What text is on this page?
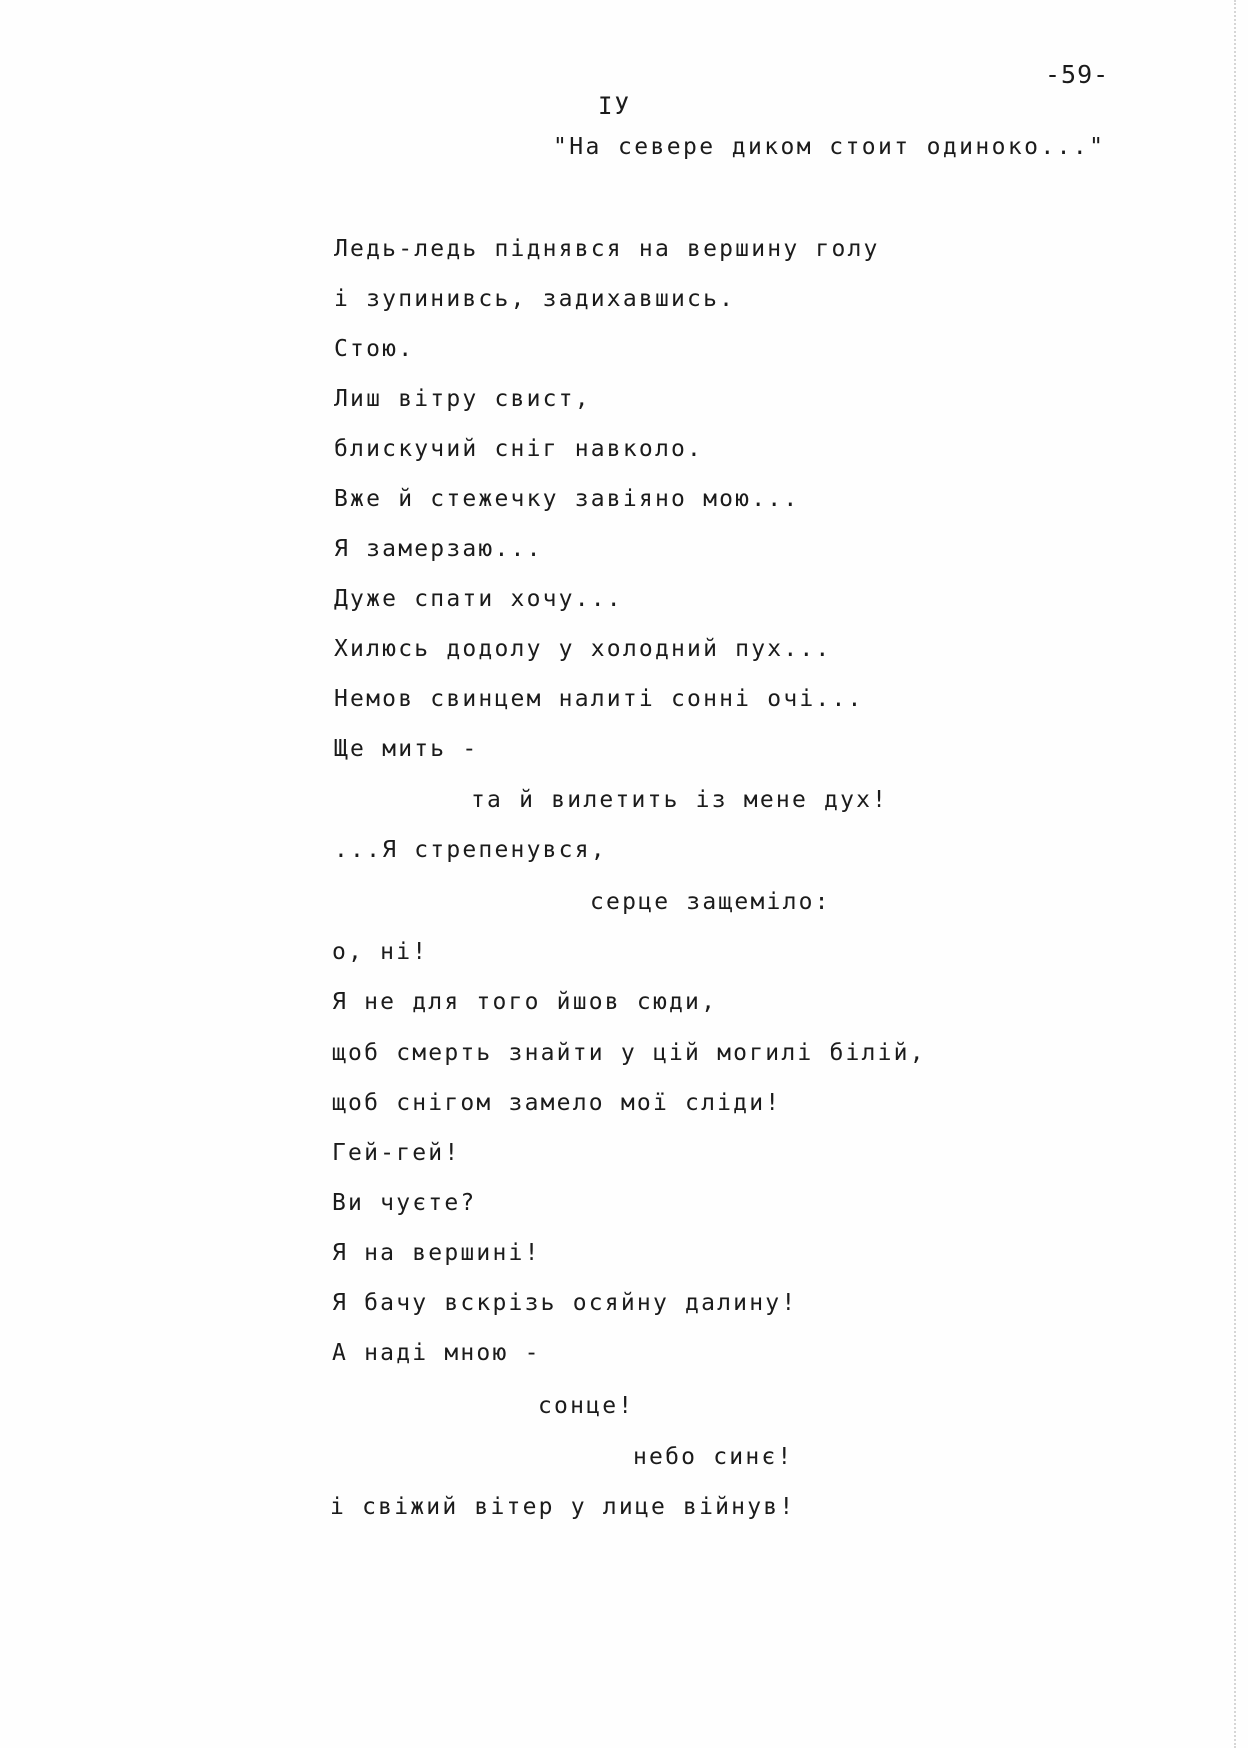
-59-
IУ
"На севере диком стоит одиноко..."
Ледь-ледь піднявся на вершину голу
і зупинивсь, задихавшись.
Стою.
Лиш вітру свист,
блискучий сніг навколо.
Вже й стежечку завіяно мою...
Я замерзаю...
Дуже спати хочу...
Хилюсь додолу у холодний пух...
Немов свинцем налиті сонні очі...
Ще мить -
та й вилетить із мене дух!
...Я стрепенувся,
серце защеміло:
о, ні!
Я не для того йшов сюди,
щоб смерть знайти у цій могилі білій,
щоб снігом замело мої сліди!
Гей-гей!
Ви чуєте?
Я на вершині!
Я бачу вскрізь осяйну далину!
А наді мною -
сонце!
небо синє!
і свіжий вітер у лице війнув!
